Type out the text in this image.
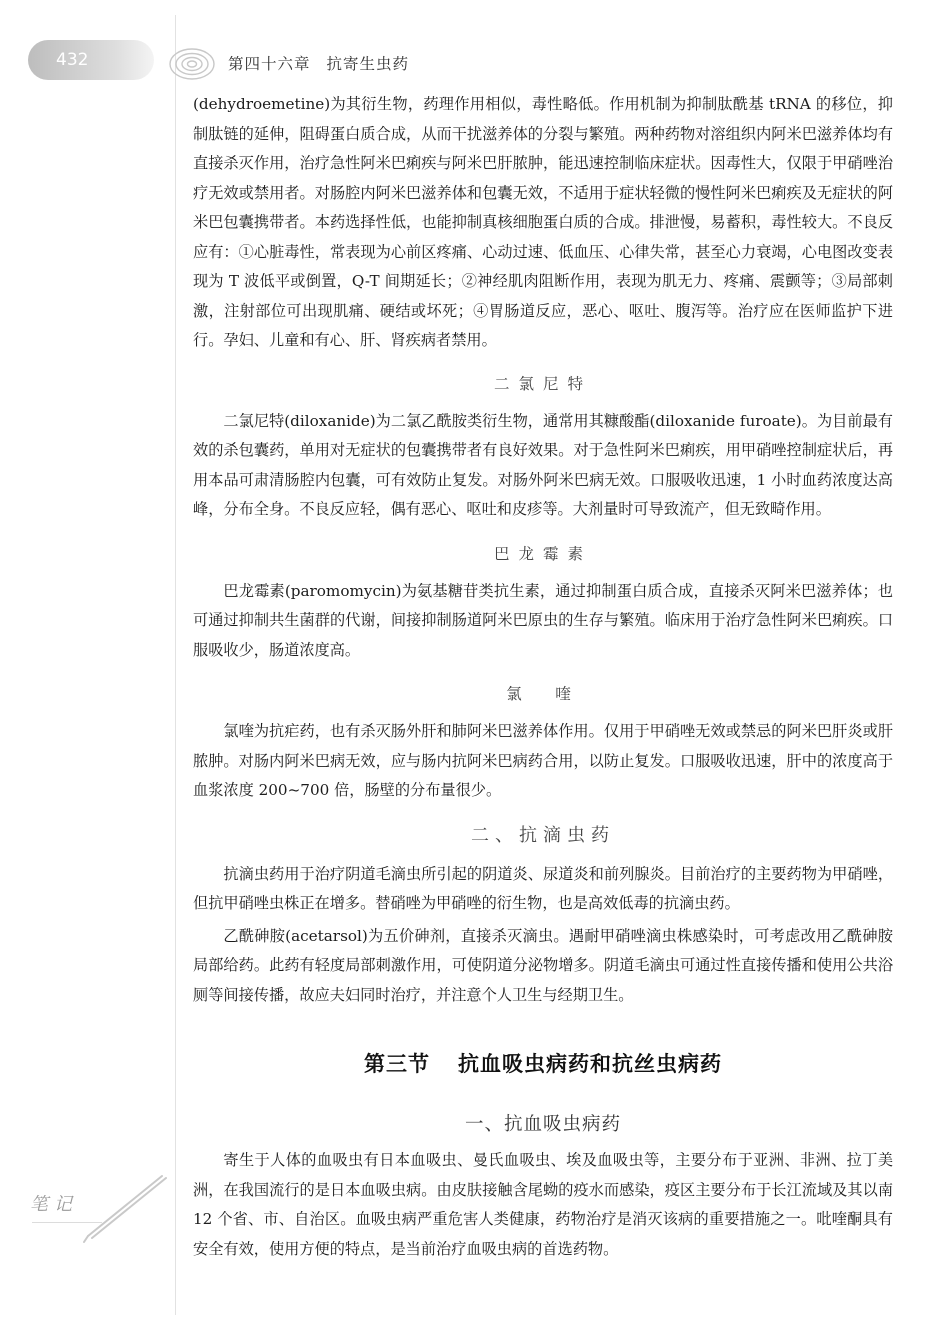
432	第四十六章 抗寄生虫药

(dehydroemetine)为其衍生物，药理作用相似，毒性略低。作用机制为抑制肽酰基 tRNA 的移位，抑制肽链的延伸，阻碍蛋白质合成，从而干扰滋养体的分裂与繁殖。两种药物对溶组织内阿米巴滋养体均有直接杀灭作用，治疗急性阿米巴痢疾与阿米巴肝脓肿，能迅速控制临床症状。因毒性大，仅限于甲硝唑治疗无效或禁用者。对肠腔内阿米巴滋养体和包囊无效，不适用于症状轻微的慢性阿米巴痢疾及无症状的阿米巴包囊携带者。本药选择性低，也能抑制真核细胞蛋白质的合成。排泄慢，易蓄积，毒性较大。不良反应有：①心脏毒性，常表现为心前区疼痛、心动过速、低血压、心律失常，甚至心力衰竭，心电图改变表现为 T 波低平或倒置，Q-T 间期延长；②神经肌肉阻断作用，表现为肌无力、疼痛、震颤等；③局部刺激，注射部位可出现肌痛、硬结或坏死；④胃肠道反应，恶心、呕吐、腹泻等。治疗应在医师监护下进行。孕妇、儿童和有心、肝、肾疾病者禁用。

二氯尼特

二氯尼特(diloxanide)为二氯乙酰胺类衍生物，通常用其糠酸酯(diloxanide furoate)。为目前最有效的杀包囊药，单用对无症状的包囊携带者有良好效果。对于急性阿米巴痢疾，用甲硝唑控制症状后，再用本品可肃清肠腔内包囊，可有效防止复发。对肠外阿米巴病无效。口服吸收迅速，1 小时血药浓度达高峰，分布全身。不良反应轻，偶有恶心、呕吐和皮疹等。大剂量时可导致流产，但无致畸作用。

巴龙霉素

巴龙霉素(paromomycin)为氨基糖苷类抗生素，通过抑制蛋白质合成，直接杀灭阿米巴滋养体；也可通过抑制共生菌群的代谢，间接抑制肠道阿米巴原虫的生存与繁殖。临床用于治疗急性阿米巴痢疾。口服吸收少，肠道浓度高。

氯　喹

氯喹为抗疟药，也有杀灭肠外肝和肺阿米巴滋养体作用。仅用于甲硝唑无效或禁忌的阿米巴肝炎或肝脓肿。对肠内阿米巴病无效，应与肠内抗阿米巴病药合用，以防止复发。口服吸收迅速，肝中的浓度高于血浆浓度 200~700 倍，肠壁的分布量很少。

二、抗滴虫药

抗滴虫药用于治疗阴道毛滴虫所引起的阴道炎、尿道炎和前列腺炎。目前治疗的主要药物为甲硝唑，但抗甲硝唑虫株正在增多。替硝唑为甲硝唑的衍生物，也是高效低毒的抗滴虫药。

乙酰砷胺(acetarsol)为五价砷剂，直接杀灭滴虫。遇耐甲硝唑滴虫株感染时，可考虑改用乙酰砷胺局部给药。此药有轻度局部刺激作用，可使阴道分泌物增多。阴道毛滴虫可通过性直接传播和使用公共浴厕等间接传播，故应夫妇同时治疗，并注意个人卫生与经期卫生。

第三节 抗血吸虫病药和抗丝虫病药
一、抗血吸虫病药

寄生于人体的血吸虫有日本血吸虫、曼氏血吸虫、埃及血吸虫等，主要分布于亚洲、非洲、拉丁美洲，在我国流行的是日本血吸虫病。由皮肤接触含尾蚴的疫水而感染，疫区主要分布于长江流域及其以南 12 个省、市、自治区。血吸虫病严重危害人类健康，药物治疗是消灭该病的重要措施之一。吡喹酮具有安全有效，使用方便的特点，是当前治疗血吸虫病的首选药物。

笔记
